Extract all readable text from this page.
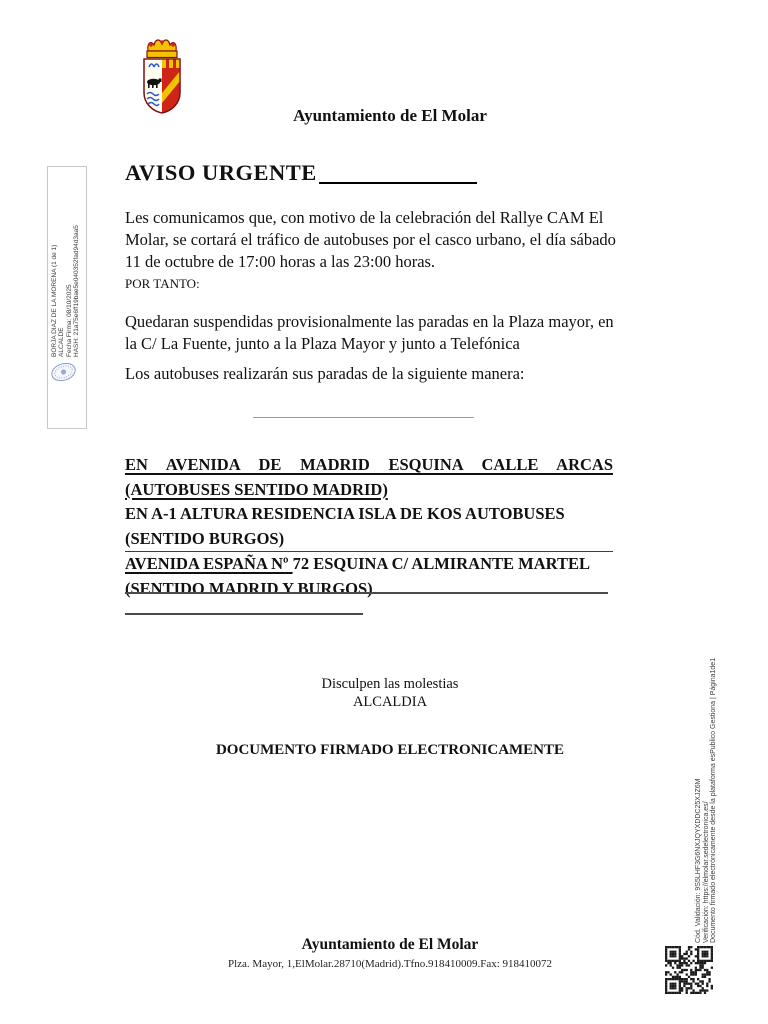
BORJA DIAZ DE LA MORENA (1 de 1) ALCALDE Fecha Firma: 08/10/2025 HASH: 21a75e6ff19bae5e040352fad94d3aa5
Ayuntamiento de El Molar
AVISO URGENTE
Les comunicamos que, con motivo de la celebración del Rallye CAM El
Molar, se cortará el tráfico de autobuses por el casco urbano, el día sábado
11 de octubre de 17:00 horas a las 23:00 horas.
POR TANTO:
Quedaran suspendidas provisionalmente las paradas en la Plaza mayor, en
la C/ La Fuente, junto a la Plaza Mayor y junto a Telefónica
Los autobuses realizarán sus paradas de la siguiente manera:
EN AVENIDA DE MADRID ESQUINA CALLE ARCAS
(AUTOBUSES SENTIDO MADRID)
EN A-1 ALTURA RESIDENCIA ISLA DE KOS AUTOBUSES
(SENTIDO BURGOS)
AVENIDA ESPAÑA Nº 72 ESQUINA C/ ALMIRANTE MARTEL
(SENTIDO MADRID Y BURGOS)
Disculpen las molestias
ALCALDIA
DOCUMENTO FIRMADO ELECTRONICAMENTE
Ayuntamiento de El Molar
Plza. Mayor, 1,ElMolar.28710(Madrid).Tfno.918410009.Fax: 918410072
Cód. Validación: 9S5LHF3G6NXJQYXDDC25XJZ6M Verificación: https://elmolar.sedelectronica.es/ Documento firmado electrónicamente desde la plataforma esPublico Gestiona | Página1de1
